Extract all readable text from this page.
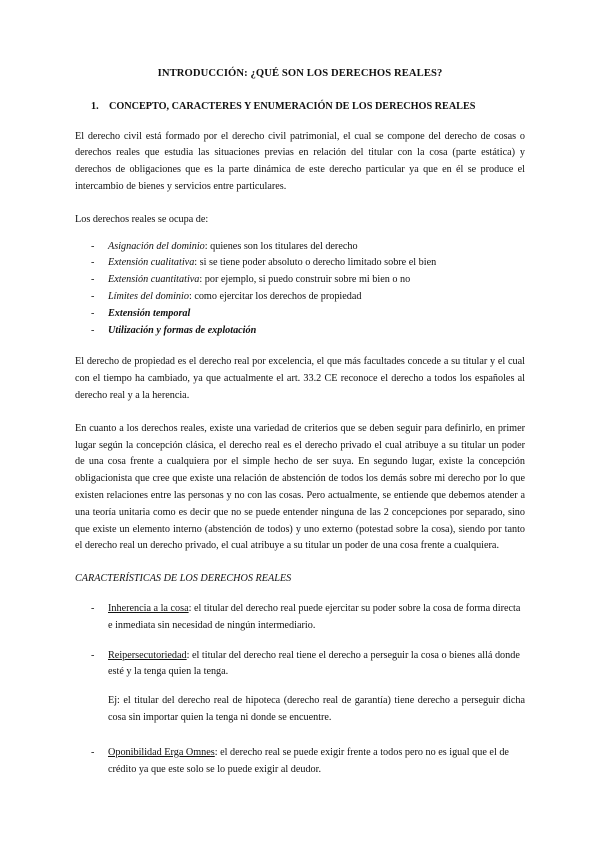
INTRODUCCIÓN: ¿QUÉ SON LOS DERECHOS REALES?
1. CONCEPTO, CARACTERES Y ENUMERACIÓN DE LOS DERECHOS REALES

El derecho civil está formado por el derecho civil patrimonial, el cual se compone del derecho de cosas o derechos reales que estudia las situaciones previas en relación del titular con la cosa (parte estática) y derechos de obligaciones que es la parte dinámica de este derecho particular ya que en él se produce el intercambio de bienes y servicios entre particulares.

Los derechos reales se ocupa de:

- Asignación del dominio: quienes son los titulares del derecho
- Extensión cualitativa: si se tiene poder absoluto o derecho limitado sobre el bien
- Extensión cuantitativa: por ejemplo, si puedo construir sobre mi bien o no
- Límites del dominio: como ejercitar los derechos de propiedad
- Extensión temporal
- Utilización y formas de explotación

El derecho de propiedad es el derecho real por excelencia, el que más facultades concede a su titular y el cual con el tiempo ha cambiado, ya que actualmente el art. 33.2 CE reconoce el derecho a todos los españoles al derecho real y a la herencia.

En cuanto a los derechos reales, existe una variedad de criterios que se deben seguir para definirlo, en primer lugar según la concepción clásica, el derecho real es el derecho privado el cual atribuye a su titular un poder de una cosa frente a cualquiera por el simple hecho de ser suya. En segundo lugar, existe la concepción obligacionista que cree que existe una relación de abstención de todos los demás sobre mi derecho por lo que existen relaciones entre las personas y no con las cosas. Pero actualmente, se entiende que debemos atender a una teoría unitaria como es decir que no se puede entender ninguna de las 2 concepciones por separado, sino que existe un elemento interno (abstención de todos) y uno externo (potestad sobre la cosa), siendo por tanto el derecho real un derecho privado, el cual atribuye a su titular un poder de una cosa frente a cualquiera.

CARACTERÍSTICAS DE LOS DERECHOS REALES
- Inherencia a la cosa: el titular del derecho real puede ejercitar su poder sobre la cosa de forma directa e inmediata sin necesidad de ningún intermediario.
- Reipersecutoriedad: el titular del derecho real tiene el derecho a perseguir la cosa o bienes allá donde esté y la tenga quien la tenga.
Ej: el titular del derecho real de hipoteca (derecho real de garantía) tiene derecho a perseguir dicha cosa sin importar quien la tenga ni donde se encuentre.
- Oponibilidad Erga Omnes: el derecho real se puede exigir frente a todos pero no es igual que el de crédito ya que este solo se lo puede exigir al deudor.
